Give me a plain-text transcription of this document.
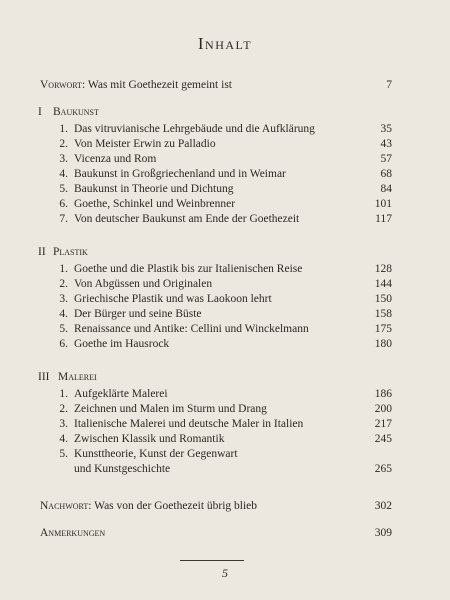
Inhalt
Vorwort: Was mit Goethezeit gemeint ist	7
I Baukunst
1. Das vitruvianische Lehrgebäude und die Aufklärung	35
2. Von Meister Erwin zu Palladio	43
3. Vicenza und Rom	57
4. Baukunst in Großgriechenland und in Weimar	68
5. Baukunst in Theorie und Dichtung	84
6. Goethe, Schinkel und Weinbrenner	101
7. Von deutscher Baukunst am Ende der Goethezeit	117
II Plastik
1. Goethe und die Plastik bis zur Italienischen Reise	128
2. Von Abgüssen und Originalen	144
3. Griechische Plastik und was Laokoon lehrt	150
4. Der Bürger und seine Büste	158
5. Renaissance und Antike: Cellini und Winckelmann	175
6. Goethe im Hausrock	180
III Malerei
1. Aufgeklärte Malerei	186
2. Zeichnen und Malen im Sturm und Drang	200
3. Italienische Malerei und deutsche Maler in Italien	217
4. Zwischen Klassik und Romantik	245
5. Kunsttheorie, Kunst der Gegenwart
und Kunstgeschichte	265
Nachwort: Was von der Goethezeit übrig blieb	302
Anmerkungen	309
5
